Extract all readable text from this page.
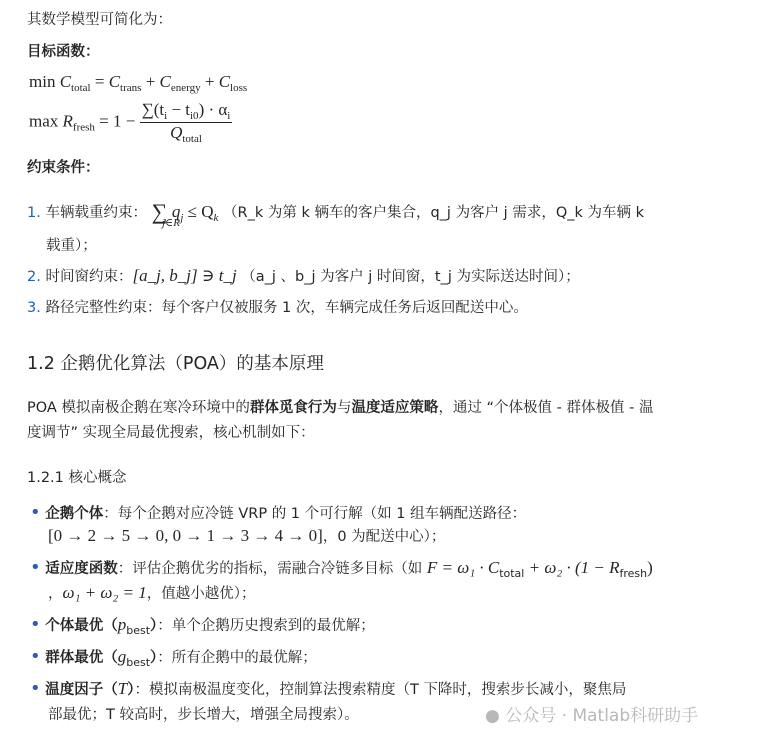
其数学模型可简化为：
目标函数：
$\min C_{total} = C_{trans} + C_{energy} + C_{loss}$
$\max R_{fresh} = 1 - \frac{\sum(t_i - t_{i0}) \cdot \alpha_i}{Q_{total}}$
约束条件：
1. 车辆载重约束： ∑ $q_j \le Q_k$ （R_k 为第 k 辆车的客户集合，q_j 为客户 j 需求，Q_k 为车辆 k
j∈R
载重）；
2. 时间窗约束：[a_j, b_j] ∋ t_j （a_j 、b_j 为客户 j 时间窗，t_j 为实际送达时间）；
3. 路径完整性约束：每个客户仅被服务 1 次，车辆完成任务后返回配送中心。
1.2 企鹅优化算法（POA）的基本原理
POA 模拟南极企鹅在寒冷环境中的群体觅食行为与温度适应策略，通过 “个体极值 - 群体极值 - 温
度调节” 实现全局最优搜索，核心机制如下：
1.2.1 核心概念
• 企鹅个体：每个企鹅对应冷链 VRP 的 1 个可行解（如 1 组车辆配送路径：
[0 → 2 → 5 → 0, 0 → 1 → 3 → 4 → 0]，0 为配送中心）；
• 适应度函数：评估企鹅优劣的指标，需融合冷链多目标（如 $F = \omega_1 \cdot C_{total} + \omega_2 \cdot (1 - R_{fresh})$
，ω₁ + ω₂ = 1，值越小越优）；
• 个体最优$(p_{best})$：单个企鹅历史搜索到的最优解；
• 群体最优$(g_{best})$：所有企鹅中的最优解；
• 温度因子（T）：模拟南极温度变化，控制算法搜索精度（T 下降时，搜索步长减小，聚焦局
部最优；T 较高时，步长增大，增强全局搜索）。	● 公众号 · Matlab科研助手
